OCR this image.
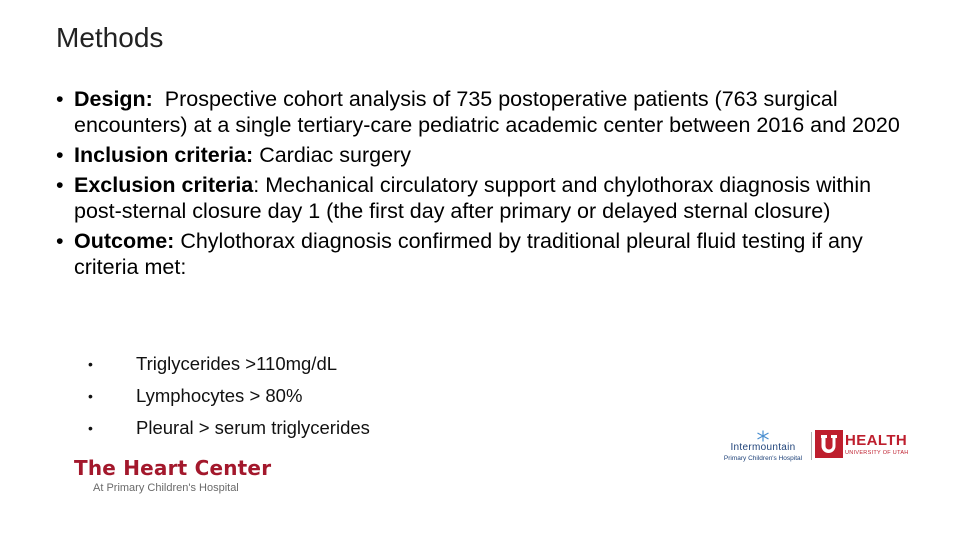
Methods
• Design:  Prospective cohort analysis of 735 postoperative patients (763 surgical encounters) at a single tertiary-care pediatric academic center between 2016 and 2020
• Inclusion criteria: Cardiac surgery
• Exclusion criteria: Mechanical circulatory support and chylothorax diagnosis within post-sternal closure day 1 (the first day after primary or delayed sternal closure)
• Outcome: Chylothorax diagnosis confirmed by traditional pleural fluid testing if any criteria met:
• Triglycerides >110mg/dL
• Lymphocytes > 80%
• Pleural > serum triglycerides
The Heart Center
At Primary Children's Hospital
Intermountain
Primary Children's Hospital
HEALTH
UNIVERSITY OF UTAH
